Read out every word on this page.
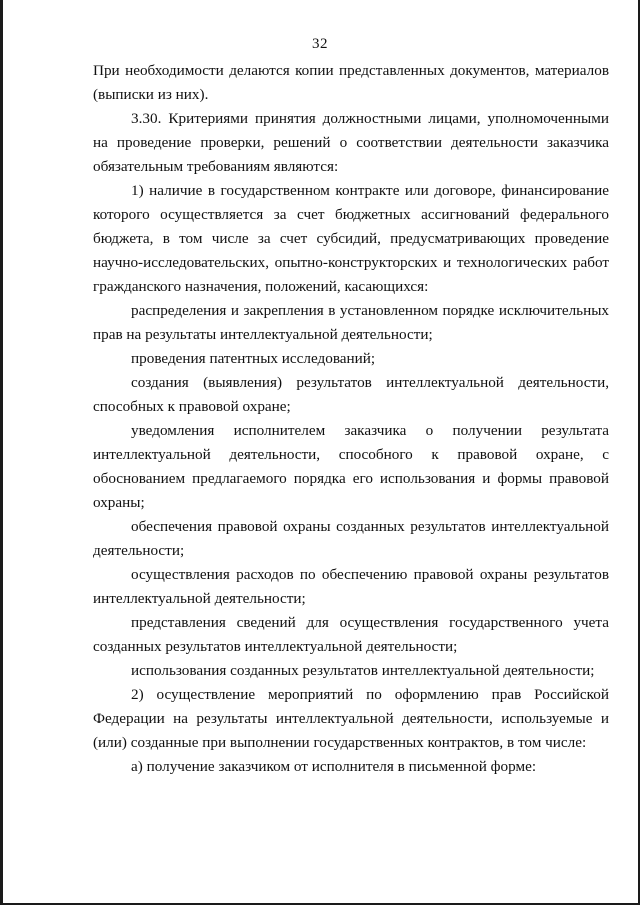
32

При необходимости делаются копии представленных документов, материалов (выписки из них).

3.30. Критериями принятия должностными лицами, уполномоченными на проведение проверки, решений о соответствии деятельности заказчика обязательным требованиям являются:

1) наличие в государственном контракте или договоре, финансирование которого осуществляется за счет бюджетных ассигнований федерального бюджета, в том числе за счет субсидий, предусматривающих проведение научно-исследовательских, опытно-конструкторских и технологических работ гражданского назначения, положений, касающихся:

распределения и закрепления в установленном порядке исключительных прав на результаты интеллектуальной деятельности;

проведения патентных исследований;

создания (выявления) результатов интеллектуальной деятельности, способных к правовой охране;

уведомления исполнителем заказчика о получении результата интеллектуальной деятельности, способного к правовой охране, с обоснованием предлагаемого порядка его использования и формы правовой охраны;

обеспечения правовой охраны созданных результатов интеллектуальной деятельности;

осуществления расходов по обеспечению правовой охраны результатов интеллектуальной деятельности;

представления сведений для осуществления государственного учета созданных результатов интеллектуальной деятельности;

использования созданных результатов интеллектуальной деятельности;

2) осуществление мероприятий по оформлению прав Российской Федерации на результаты интеллектуальной деятельности, используемые и (или) созданные при выполнении государственных контрактов, в том числе:

а) получение заказчиком от исполнителя в письменной форме:
